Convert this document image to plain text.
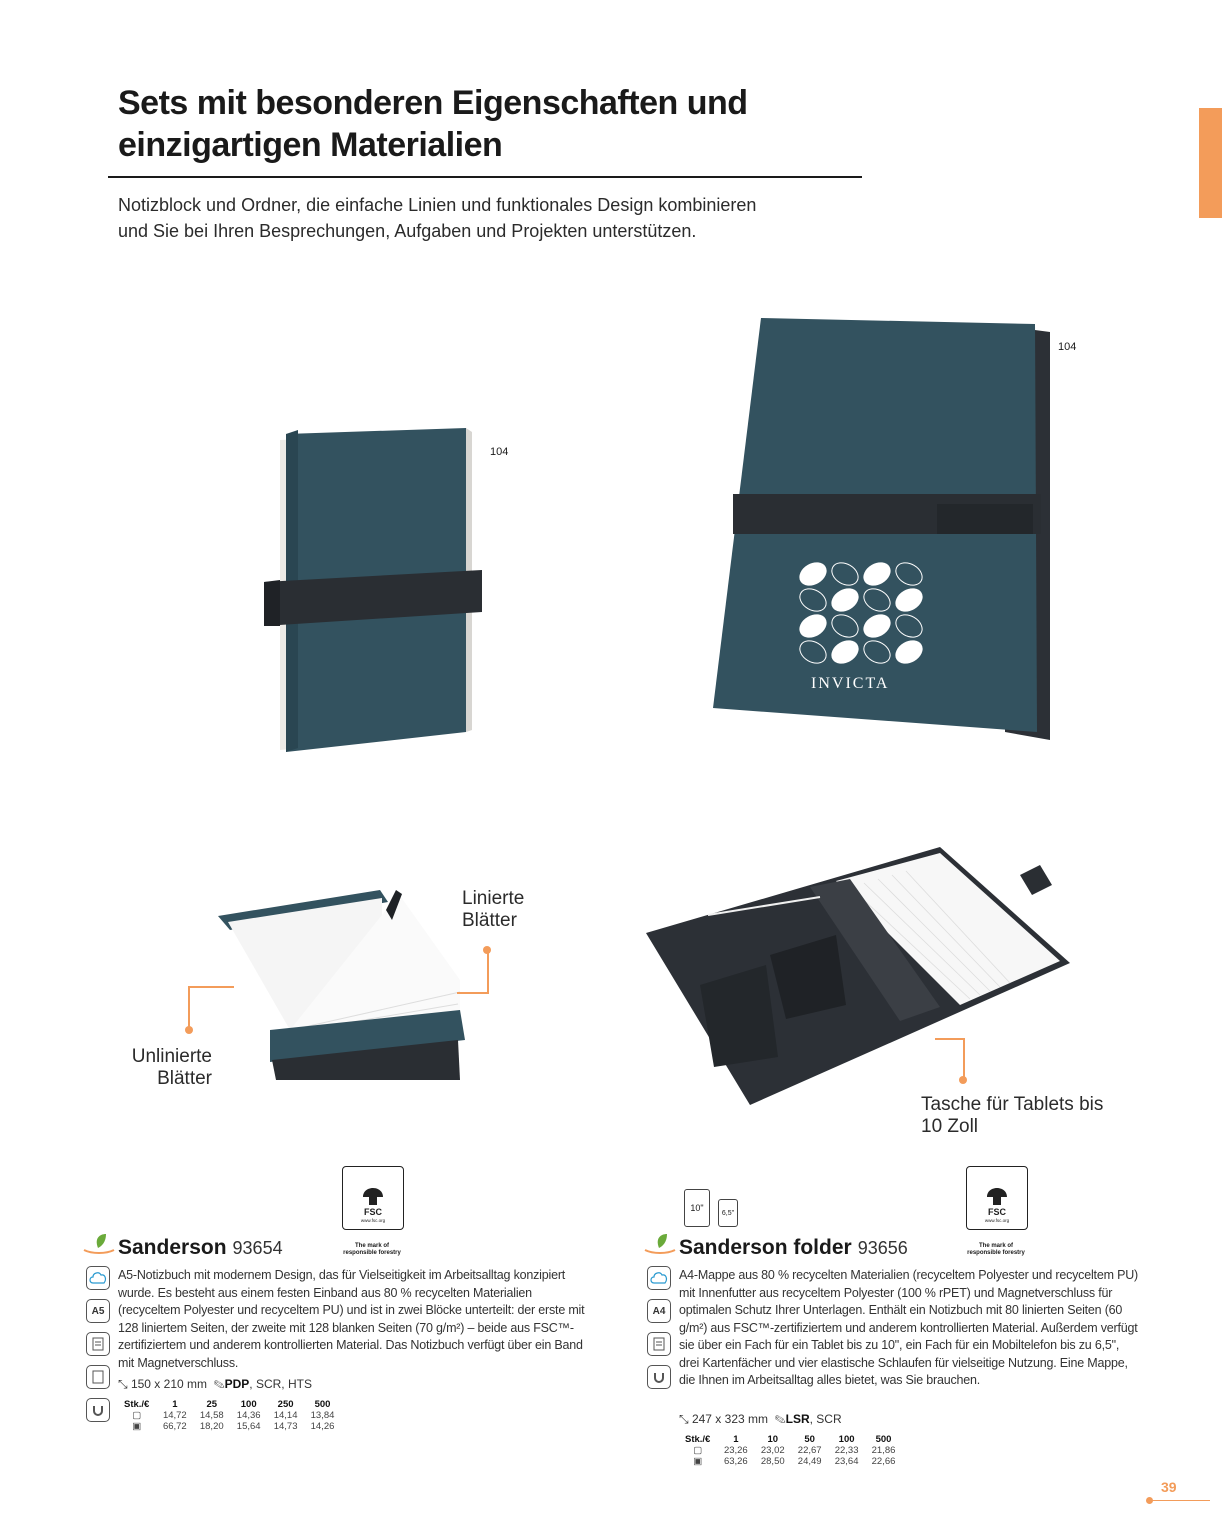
Sets mit besonderen Eigenschaften und
einzigartigen Materialien
Notizblock und Ordner, die einfache Linien und funktionales Design kombinieren
und Sie bei Ihren Besprechungen, Aufgaben und Projekten unterstützen.
104
INVICTA
104
Linierte
Blätter
Unlinierte
Blätter
Tasche für Tablets bis
10 Zoll
FSC
www.fsc.org
The mark of
responsible forestry
FSC
www.fsc.org
The mark of
responsible forestry
10"	6,5"
Sanderson 93654
A5
A5-Notizbuch mit modernem Design, das für Vielseitigkeit im Arbeitsalltag konzipiert wurde. Es besteht aus einem festen Einband aus 80 % recycelten Materialien (recyceltem Polyester und recyceltem PU) und ist in zwei Blöcke unterteilt: der erste mit 128 liniertem Seiten, der zweite mit 128 blanken Seiten (70 g/m²) – beide aus FSC™-zertifiziertem und anderem kontrollierten Material. Das Notizbuch verfügt über ein Band mit Magnetverschluss.
⤡ 150 x 210 mm ✎PDP, SCR, HTS
Stk./€	1	25	100	250	500
▢	14,72	14,58	14,36	14,14	13,84
▣	66,72	18,20	15,64	14,73	14,26
Sanderson folder 93656
A4
A4-Mappe aus 80 % recycelten Materialien (recyceltem Polyester und recyceltem PU) mit Innenfutter aus recyceltem Polyester (100 % rPET) und Magnetverschluss für optimalen Schutz Ihrer Unterlagen. Enthält ein Notizbuch mit 80 linierten Seiten (60 g/m²) aus FSC™-zertifiziertem und anderem kontrollierten Material. Außerdem verfügt sie über ein Fach für ein Tablet bis zu 10", ein Fach für ein Mobiltelefon bis zu 6,5", drei Kartenfächer und vier elastische Schlaufen für vielseitige Nutzung. Eine Mappe, die Ihnen im Arbeitsalltag alles bietet, was Sie brauchen.
⤡ 247 x 323 mm ✎LSR, SCR
Stk./€	1	10	50	100	500
▢	23,26	23,02	22,67	22,33	21,86
▣	63,26	28,50	24,49	23,64	22,66
39
